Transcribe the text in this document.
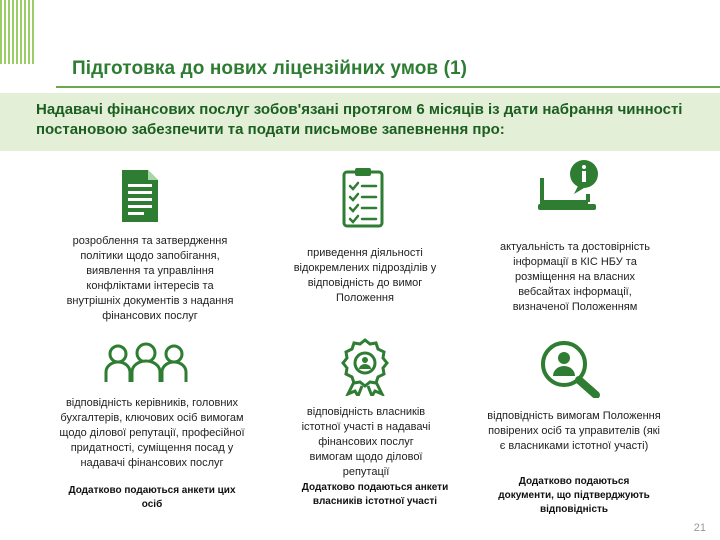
Підготовка до нових ліцензійних умов (1)

Надавачі фінансових послуг зобов'язані протягом 6 місяців із дати набрання чинності постановою забезпечити та подати письмове запевнення про:

розроблення та затвердження політики щодо запобігання, виявлення та управління конфліктами інтересів та внутрішніх документів з надання фінансових послуг

приведення діяльності відокремлених підрозділів у відповідність до вимог Положення

актуальність та достовірність інформації в КІС НБУ та розміщення на власних вебсайтах інформації, визначеної Положенням

відповідність керівників, головних бухгалтерів, ключових осіб вимогам щодо ділової репутації, професійної придатності, суміщення посад у надавачі фінансових послуг

Додатково подаються анкети цих осіб

відповідність власників істотної участі в надавачі фінансових послуг вимогам щодо ділової репутації

Додатково подаються анкети власників істотної участі

відповідність вимогам Положення повірених осіб та управителів (які є власниками істотної участі)

Додатково подаються документи, що підтверджують відповідність

21
